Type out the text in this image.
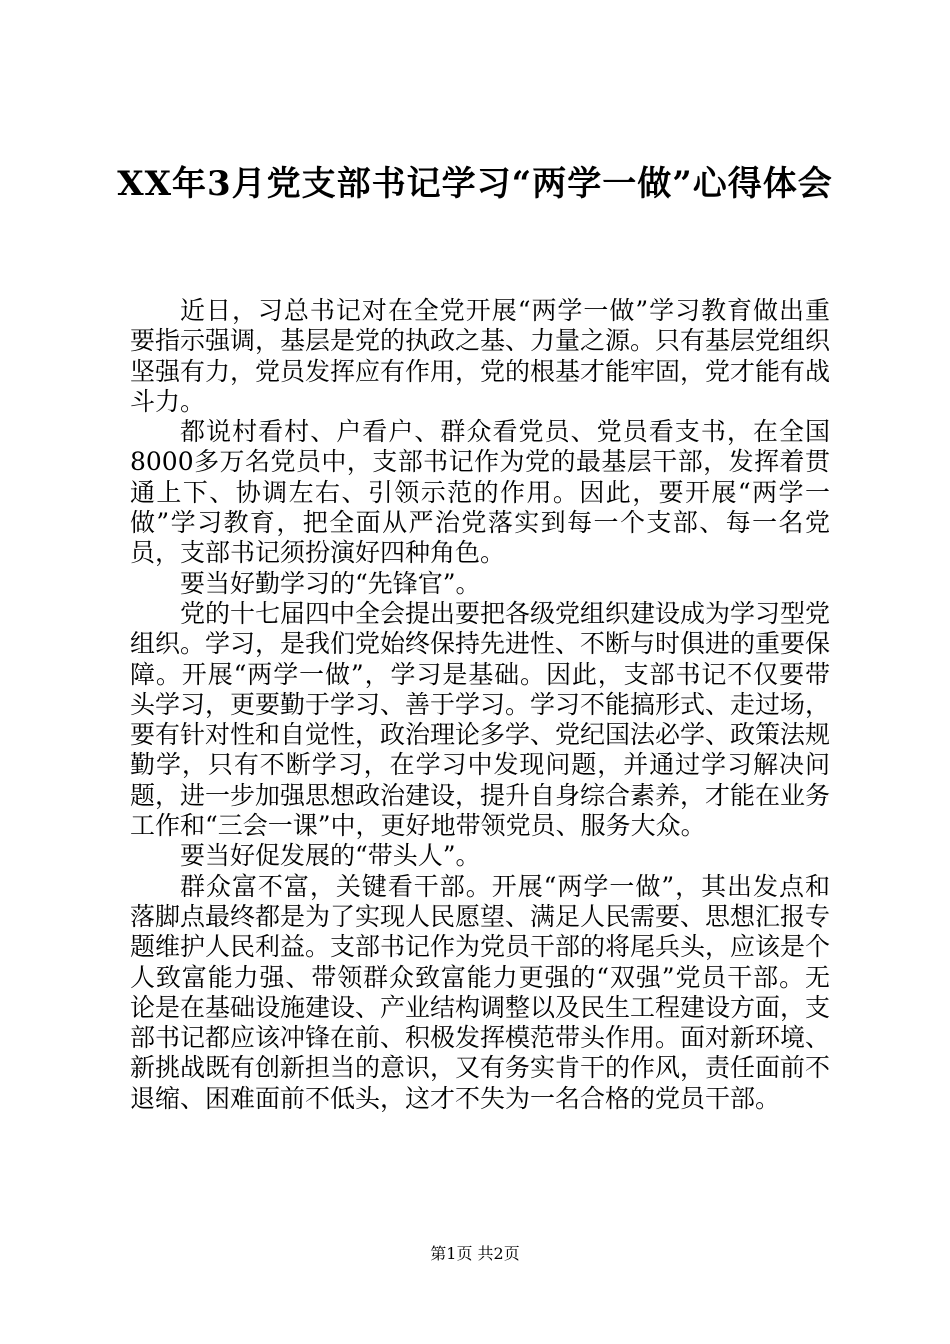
XX年3月党支部书记学习“两学一做”心得体会

近日，习总书记对在全党开展“两学一做”学习教育做出重要指示强调，基层是党的执政之基、力量之源。只有基层党组织坚强有力，党员发挥应有作用，党的根基才能牢固，党才能有战斗力。

都说村看村、户看户、群众看党员、党员看支书，在全国8000多万名党员中，支部书记作为党的最基层干部，发挥着贯通上下、协调左右、引领示范的作用。因此，要开展“两学一做”学习教育，把全面从严治党落实到每一个支部、每一名党员，支部书记须扮演好四种角色。

要当好勤学习的“先锋官”。

党的十七届四中全会提出要把各级党组织建设成为学习型党组织。学习，是我们党始终保持先进性、不断与时俱进的重要保障。开展“两学一做”，学习是基础。因此，支部书记不仅要带头学习，更要勤于学习、善于学习。学习不能搞形式、走过场，要有针对性和自觉性，政治理论多学、党纪国法必学、政策法规勤学，只有不断学习，在学习中发现问题，并通过学习解决问题，进一步加强思想政治建设，提升自身综合素养，才能在业务工作和“三会一课”中，更好地带领党员、服务大众。

要当好促发展的“带头人”。

群众富不富，关键看干部。开展“两学一做”，其出发点和落脚点最终都是为了实现人民愿望、满足人民需要、思想汇报专题维护人民利益。支部书记作为党员干部的将尾兵头，应该是个人致富能力强、带领群众致富能力更强的“双强”党员干部。无论是在基础设施建设、产业结构调整以及民生工程建设方面，支部书记都应该冲锋在前、积极发挥模范带头作用。面对新环境、新挑战既有创新担当的意识，又有务实肯干的作风，责任面前不退缩、困难面前不低头，这才不失为一名合格的党员干部。

第1页 共2页
